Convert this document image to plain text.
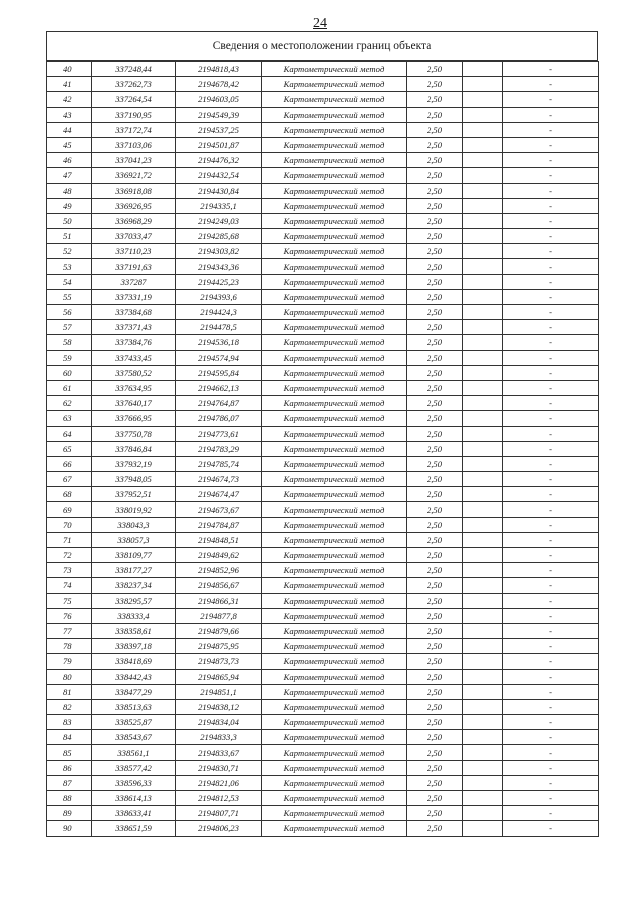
24
Сведения о местоположении границ объекта
40	337248,44	2194818,43	Картометрический метод	2,50		-
41	337262,73	2194678,42	Картометрический метод	2,50		-
42	337264,54	2194603,05	Картометрический метод	2,50		-
43	337190,95	2194549,39	Картометрический метод	2,50		-
44	337172,74	2194537,25	Картометрический метод	2,50		-
45	337103,06	2194501,87	Картометрический метод	2,50		-
46	337041,23	2194476,32	Картометрический метод	2,50		-
47	336921,72	2194432,54	Картометрический метод	2,50		-
48	336918,08	2194430,84	Картометрический метод	2,50		-
49	336926,95	2194335,1	Картометрический метод	2,50		-
50	336968,29	2194249,03	Картометрический метод	2,50		-
51	337033,47	2194285,68	Картометрический метод	2,50		-
52	337110,23	2194303,82	Картометрический метод	2,50		-
53	337191,63	2194343,36	Картометрический метод	2,50		-
54	337287	2194425,23	Картометрический метод	2,50		-
55	337331,19	2194393,6	Картометрический метод	2,50		-
56	337384,68	2194424,3	Картометрический метод	2,50		-
57	337371,43	2194478,5	Картометрический метод	2,50		-
58	337384,76	2194536,18	Картометрический метод	2,50		-
59	337433,45	2194574,94	Картометрический метод	2,50		-
60	337580,52	2194595,84	Картометрический метод	2,50		-
61	337634,95	2194662,13	Картометрический метод	2,50		-
62	337640,17	2194764,87	Картометрический метод	2,50		-
63	337666,95	2194786,07	Картометрический метод	2,50		-
64	337750,78	2194773,61	Картометрический метод	2,50		-
65	337846,84	2194783,29	Картометрический метод	2,50		-
66	337932,19	2194785,74	Картометрический метод	2,50		-
67	337948,05	2194674,73	Картометрический метод	2,50		-
68	337952,51	2194674,47	Картометрический метод	2,50		-
69	338019,92	2194673,67	Картометрический метод	2,50		-
70	338043,3	2194784,87	Картометрический метод	2,50		-
71	338057,3	2194848,51	Картометрический метод	2,50		-
72	338109,77	2194849,62	Картометрический метод	2,50		-
73	338177,27	2194852,96	Картометрический метод	2,50		-
74	338237,34	2194856,67	Картометрический метод	2,50		-
75	338295,57	2194866,31	Картометрический метод	2,50		-
76	338333,4	2194877,8	Картометрический метод	2,50		-
77	338358,61	2194879,66	Картометрический метод	2,50		-
78	338397,18	2194875,95	Картометрический метод	2,50		-
79	338418,69	2194873,73	Картометрический метод	2,50		-
80	338442,43	2194865,94	Картометрический метод	2,50		-
81	338477,29	2194851,1	Картометрический метод	2,50		-
82	338513,63	2194838,12	Картометрический метод	2,50		-
83	338525,87	2194834,04	Картометрический метод	2,50		-
84	338543,67	2194833,3	Картометрический метод	2,50		-
85	338561,1	2194833,67	Картометрический метод	2,50		-
86	338577,42	2194830,71	Картометрический метод	2,50		-
87	338596,33	2194821,06	Картометрический метод	2,50		-
88	338614,13	2194812,53	Картометрический метод	2,50		-
89	338633,41	2194807,71	Картометрический метод	2,50		-
90	338651,59	2194806,23	Картометрический метод	2,50		-
